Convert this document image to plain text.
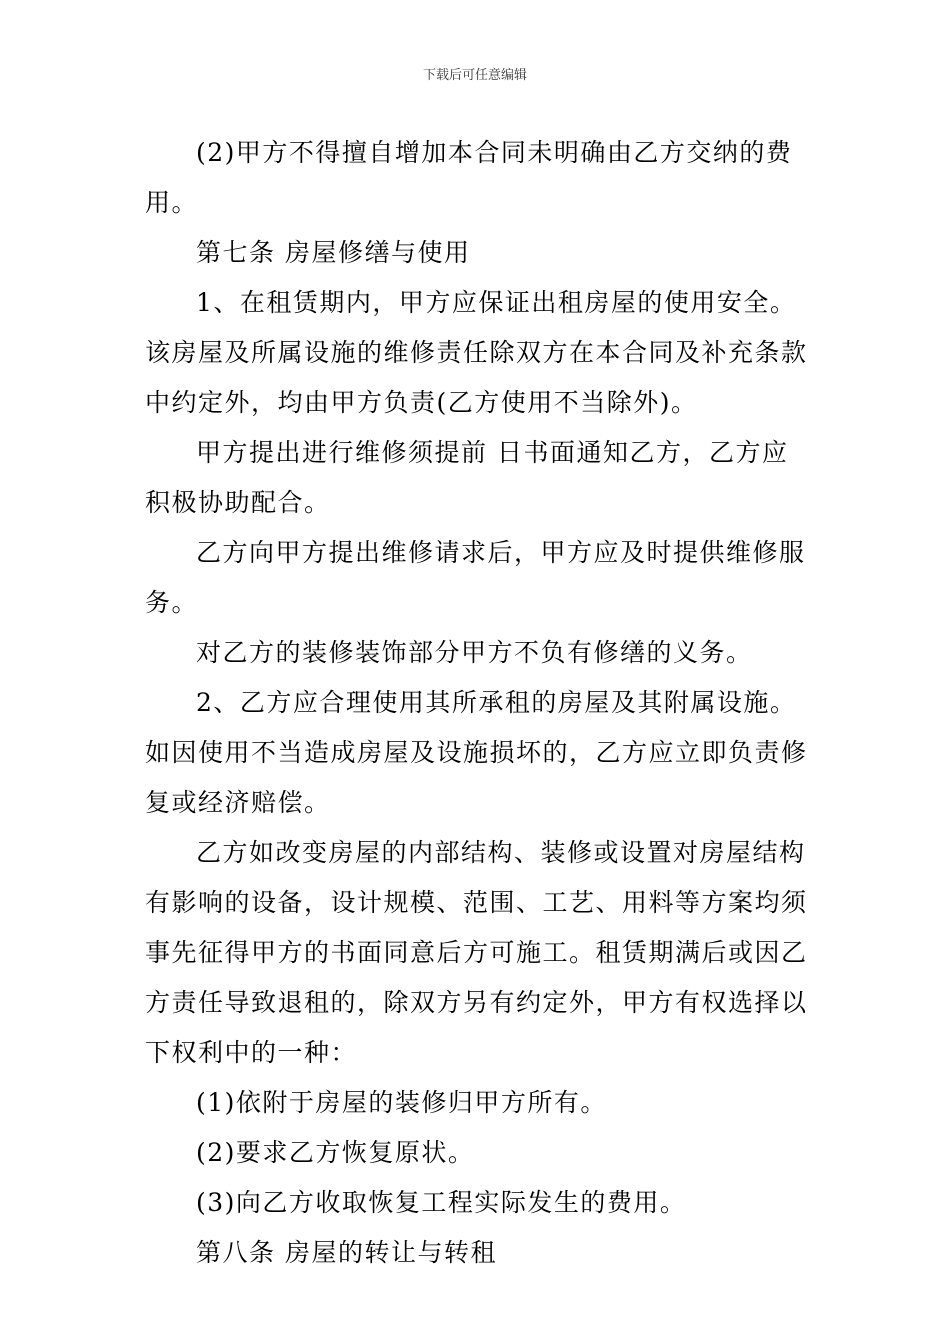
下载后可任意编辑

(2)甲方不得擅自增加本合同未明确由乙方交纳的费用。

第七条 房屋修缮与使用

1、在租赁期内，甲方应保证出租房屋的使用安全。该房屋及所属设施的维修责任除双方在本合同及补充条款中约定外，均由甲方负责(乙方使用不当除外)。

甲方提出进行维修须提前 日书面通知乙方，乙方应积极协助配合。

乙方向甲方提出维修请求后，甲方应及时提供维修服务。

对乙方的装修装饰部分甲方不负有修缮的义务。

2、乙方应合理使用其所承租的房屋及其附属设施。如因使用不当造成房屋及设施损坏的，乙方应立即负责修复或经济赔偿。

乙方如改变房屋的内部结构、装修或设置对房屋结构有影响的设备，设计规模、范围、工艺、用料等方案均须事先征得甲方的书面同意后方可施工。租赁期满后或因乙方责任导致退租的，除双方另有约定外，甲方有权选择以下权利中的一种：

(1)依附于房屋的装修归甲方所有。

(2)要求乙方恢复原状。

(3)向乙方收取恢复工程实际发生的费用。

第八条 房屋的转让与转租
